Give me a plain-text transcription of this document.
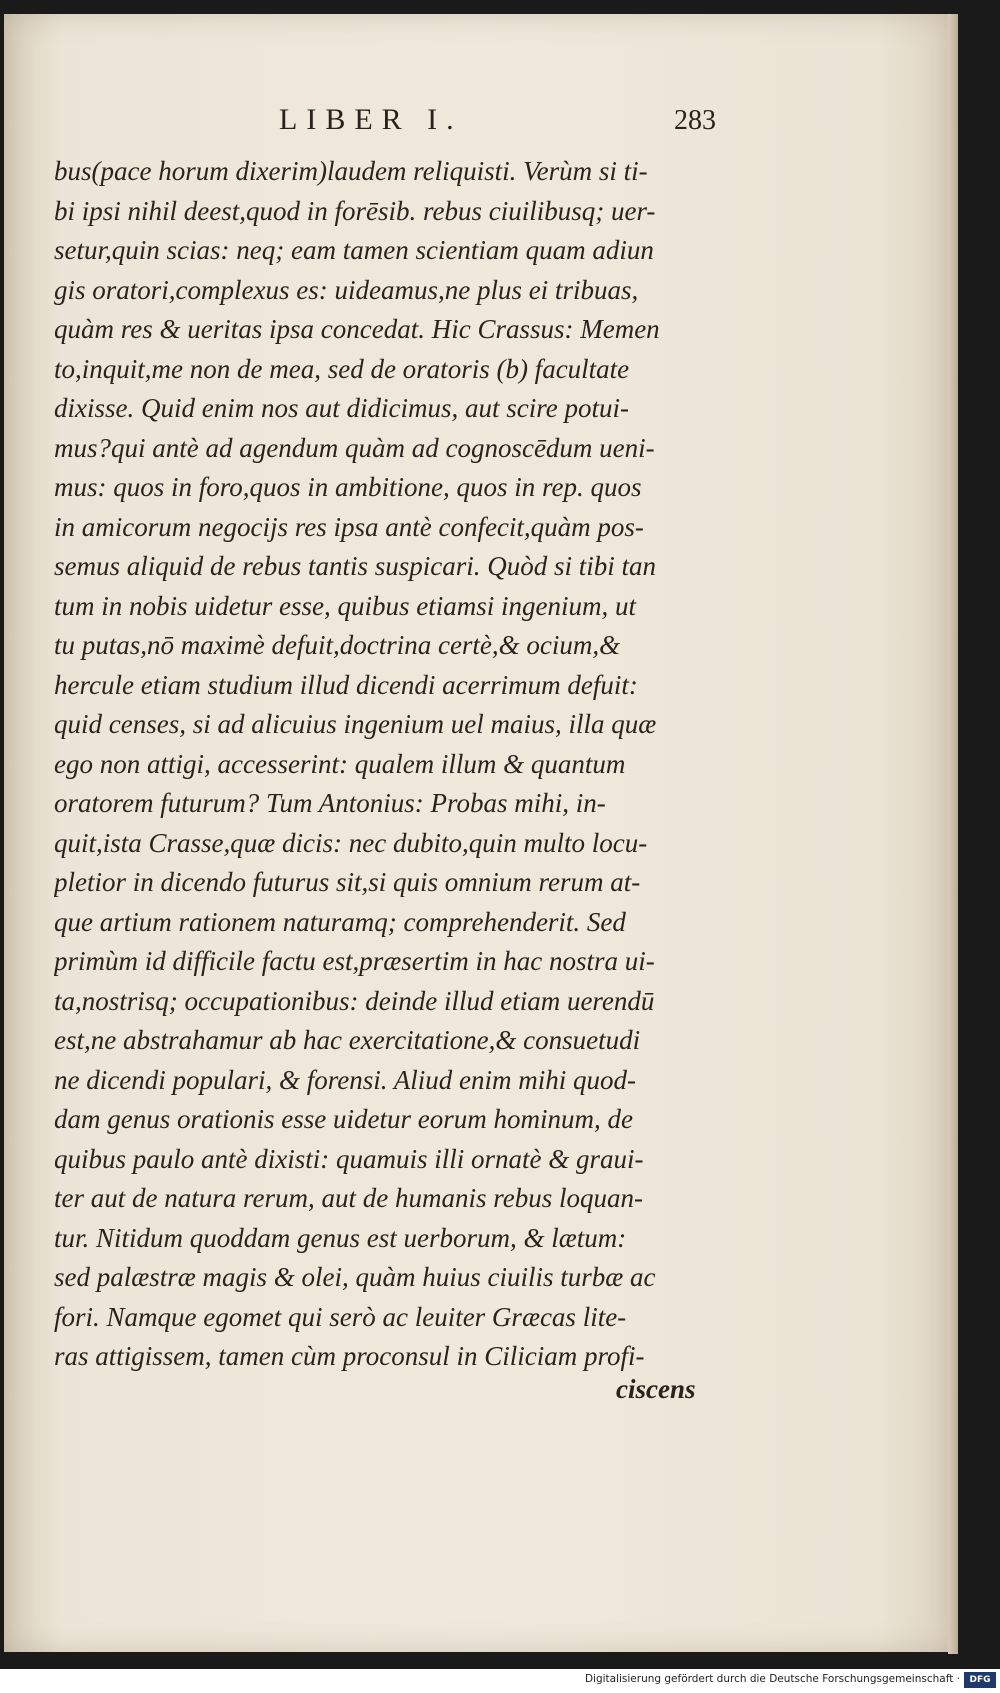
LIBER I.	283
bus(pace horum dixerim)laudem reliquisti. Verùm si ti-
bi ipsi nihil deest,quod in forēsib. rebus ciuilibusq; uer-
setur,quin scias: neq; eam tamen scientiam quam adiun
gis oratori,complexus es: uideamus,ne plus ei tribuas,
quàm res & ueritas ipsa concedat. Hic Crassus: Memen
to,inquit,me non de mea, sed de oratoris (b) facultate
dixisse. Quid enim nos aut didicimus, aut scire potui-
mus?qui antè ad agendum quàm ad cognoscēdum ueni-
mus: quos in foro,quos in ambitione, quos in rep. quos
in amicorum negocijs res ipsa antè confecit,quàm pos-
semus aliquid de rebus tantis suspicari. Quòd si tibi tan
tum in nobis uidetur esse, quibus etiamsi ingenium, ut
tu putas,nō maximè defuit,doctrina certè,& ocium,&
hercule etiam studium illud dicendi acerrimum defuit:
quid censes, si ad alicuius ingenium uel maius, illa quæ
ego non attigi, accesserint: qualem illum & quantum
oratorem futurum? Tum Antonius: Probas mihi, in-
quit,ista Crasse,quæ dicis: nec dubito,quin multo locu-
pletior in dicendo futurus sit,si quis omnium rerum at-
que artium rationem naturamq; comprehenderit. Sed
primùm id difficile factu est,præsertim in hac nostra ui-
ta,nostrisq; occupationibus: deinde illud etiam uerendū
est,ne abstrahamur ab hac exercitatione,& consuetudi
ne dicendi populari, & forensi. Aliud enim mihi quod-
dam genus orationis esse uidetur eorum hominum, de
quibus paulo antè dixisti: quamuis illi ornatè & graui-
ter aut de natura rerum, aut de humanis rebus loquan-
tur. Nitidum quoddam genus est uerborum, & lætum:
sed palæstræ magis & olei, quàm huius ciuilis turbæ ac
fori. Namque egomet qui serò ac leuiter Græcas lite-
ras attigissem, tamen cùm proconsul in Ciliciam profi-
ciscens
Digitalisierung gefördert durch die Deutsche Forschungsgemeinschaft ·	DFG
